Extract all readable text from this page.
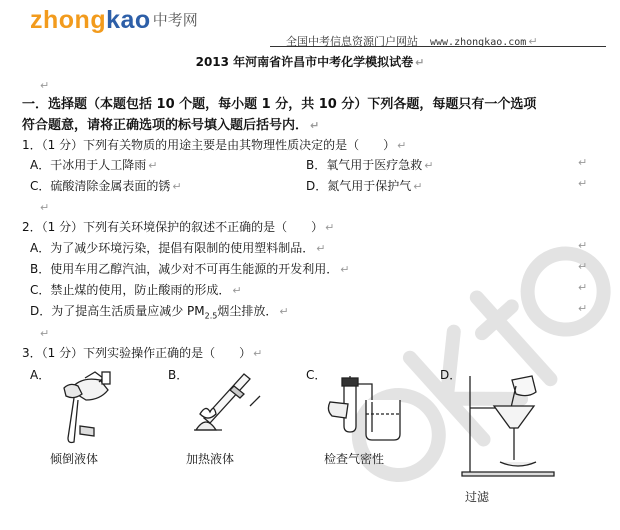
zhongkao 中考网
全国中考信息资源门户网站 www.zhongkao.com ↵
2013 年河南省许昌市中考化学模拟试卷 ↵
↵
一．选择题（本题包括 10 个题，每小题 1 分，共 10 分）下列各题，每题只有一个选项
符合题意，请将正确选项的标号填入题后括号内． ↵
1．（1 分）下列有关物质的用途主要是由其物理性质决定的是（　　） ↵
A．干冰用于人工降雨 ↵	B．氧气用于医疗急救 ↵	↵
C．硫酸清除金属表面的锈 ↵	D．氮气用于保护气 ↵	↵
↵
2．（1 分）下列有关环境保护的叙述不正确的是（　　） ↵
A．为了减少环境污染，提倡有限制的使用塑料制品． ↵	↵
B．使用车用乙醇汽油，减少对不可再生能源的开发利用． ↵	↵
C．禁止煤的使用，防止酸雨的形成． ↵	↵
D．为了提高生活质量应减少 $PM_{2.5}$烟尘排放． ↵	↵
↵
3．（1 分）下列实验操作正确的是（　　） ↵
A．	B．	C．	D．
倾倒液体	加热液体	检查气密性
过滤
